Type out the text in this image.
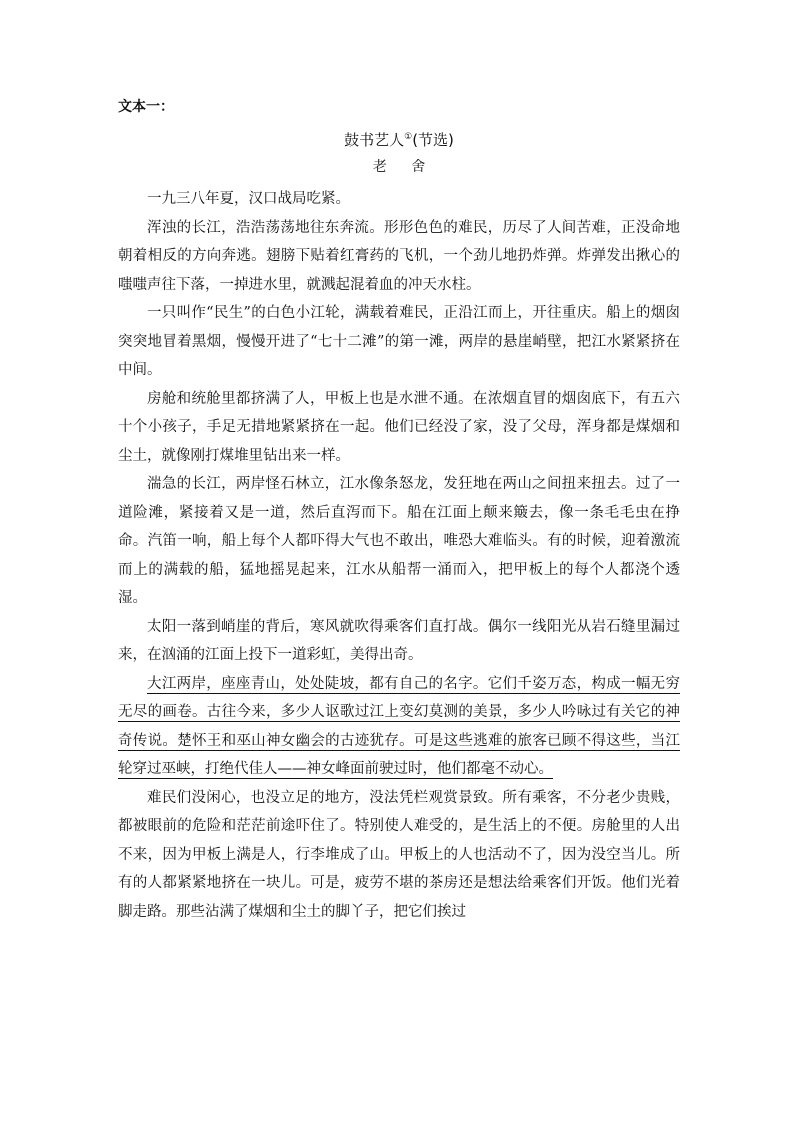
文本一：

鼓书艺人①(节选)

老 舍

一九三八年夏，汉口战局吃紧。

浑浊的长江，浩浩荡荡地往东奔流。形形色色的难民，历尽了人间苦难，正没命地朝着相反的方向奔逃。翅膀下贴着红膏药的飞机，一个劲儿地扔炸弹。炸弹发出揪心的嗤嗤声往下落，一掉进水里，就溅起混着血的冲天水柱。

一只叫作“民生”的白色小江轮，满载着难民，正沿江而上，开往重庆。船上的烟囱突突地冒着黑烟，慢慢开进了“七十二滩”的第一滩，两岸的悬崖峭壁，把江水紧紧挤在中间。

房舱和统舱里都挤满了人，甲板上也是水泄不通。在浓烟直冒的烟囱底下，有五六十个小孩子，手足无措地紧紧挤在一起。他们已经没了家，没了父母，浑身都是煤烟和尘土，就像刚打煤堆里钻出来一样。

湍急的长江，两岸怪石林立，江水像条怒龙，发狂地在两山之间扭来扭去。过了一道险滩，紧接着又是一道，然后直泻而下。船在江面上颠来簸去，像一条毛毛虫在挣命。汽笛一响，船上每个人都吓得大气也不敢出，唯恐大难临头。有的时候，迎着激流而上的满载的船，猛地摇晃起来，江水从船帮一涌而入，把甲板上的每个人都浇个透湿。

太阳一落到峭崖的背后，寒风就吹得乘客们直打战。偶尔一线阳光从岩石缝里漏过来，在汹涌的江面上投下一道彩虹，美得出奇。

大江两岸，座座青山，处处陡坡，都有自己的名字。它们千姿万态，构成一幅无穷无尽的画卷。古往今来，多少人讴歌过江上变幻莫测的美景，多少人吟咏过有关它的神奇传说。楚怀王和巫山神女幽会的古迹犹存。可是这些逃难的旅客已顾不得这些，当江轮穿过巫峡，打绝代佳人——神女峰面前驶过时，他们都毫不动心。

难民们没闲心，也没立足的地方，没法凭栏观赏景致。所有乘客，不分老少贵贱，都被眼前的危险和茫茫前途吓住了。特别使人难受的，是生活上的不便。房舱里的人出不来，因为甲板上满是人，行李堆成了山。甲板上的人也活动不了，因为没空当儿。所有的人都紧紧地挤在一块儿。可是，疲劳不堪的茶房还是想法给乘客们开饭。他们光着脚走路。那些沾满了煤烟和尘土的脚丫子，把它们挨过
